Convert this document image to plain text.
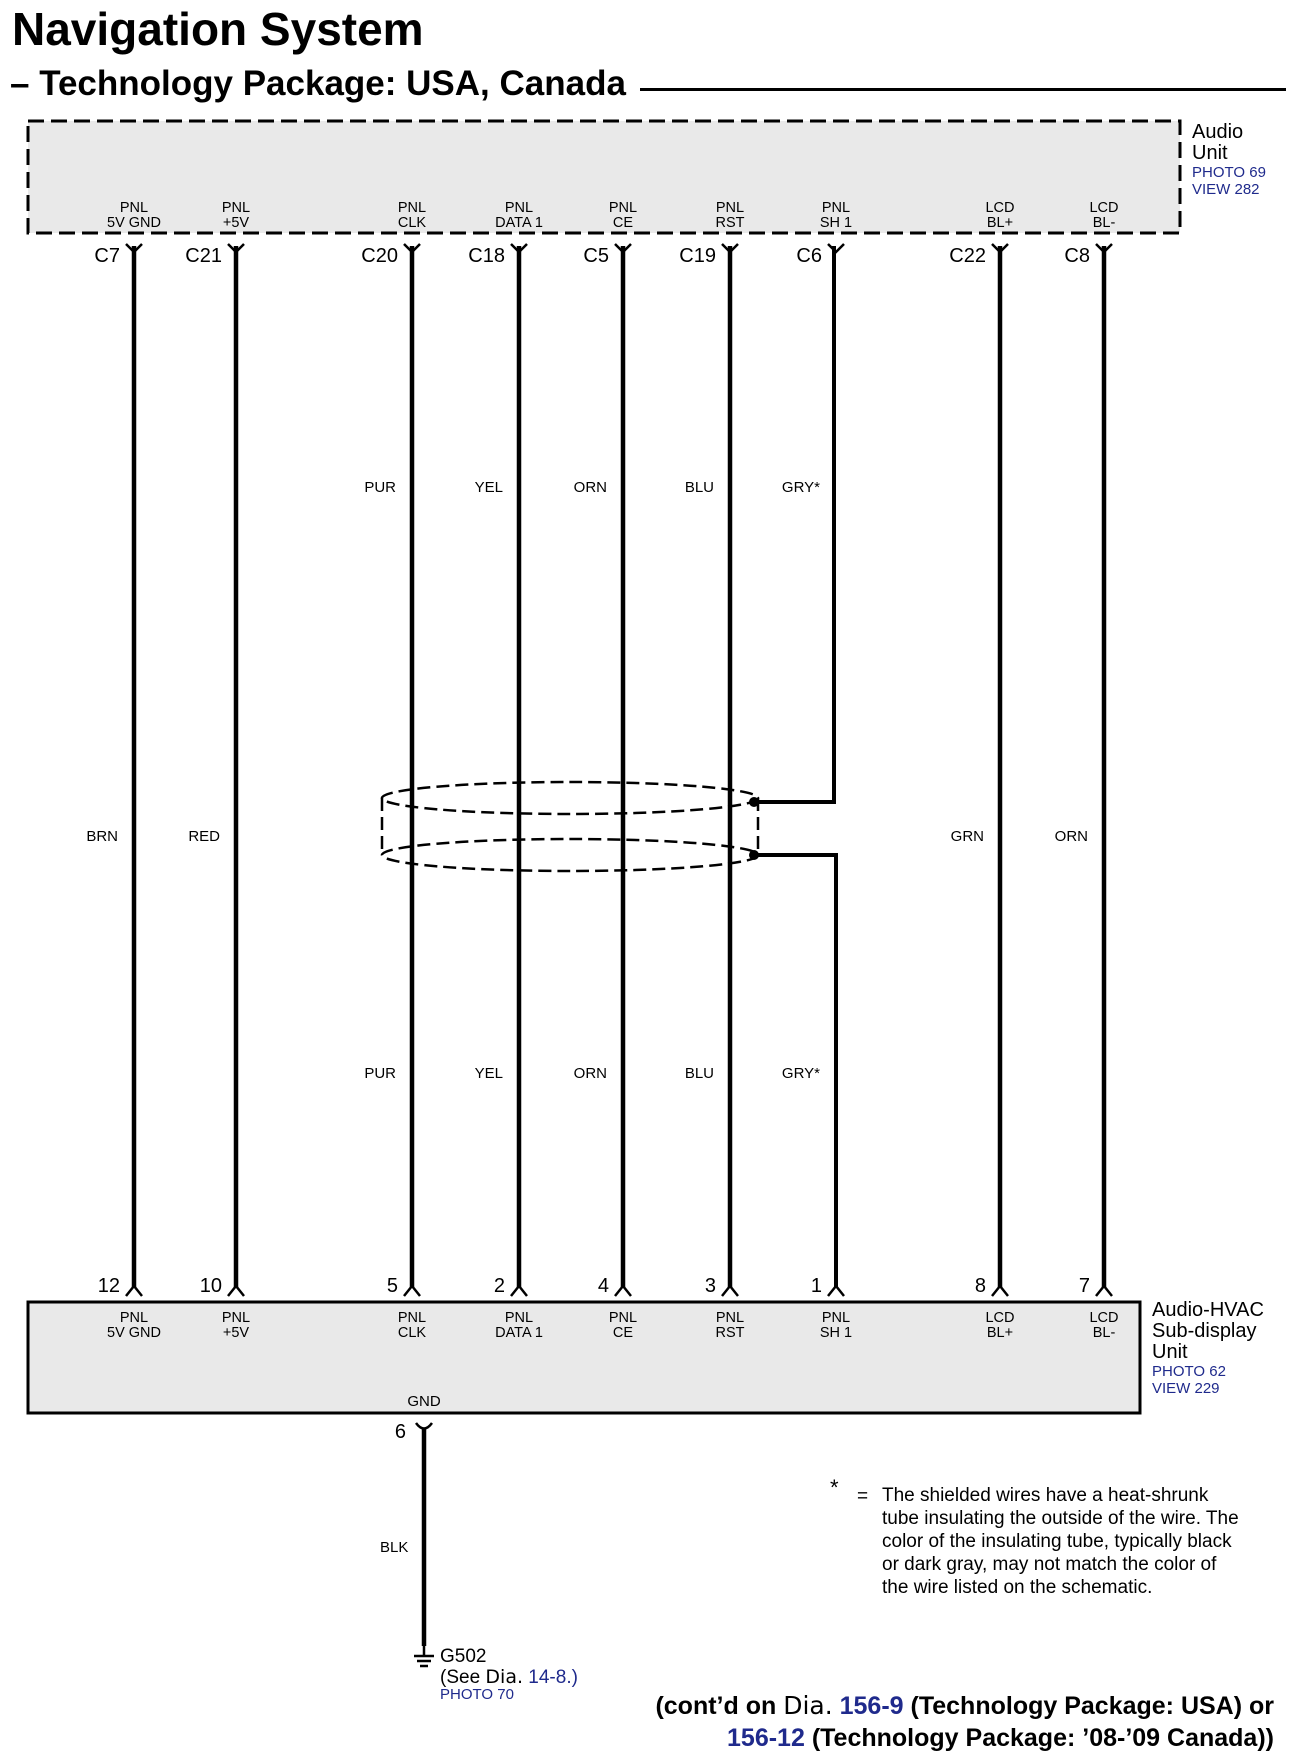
Navigation System
– Technology Package: USA, Canada
Audio
Unit
PHOTO 69
VIEW 282
Audio-HVAC
Sub-display
Unit
PHOTO 62
VIEW 229
GND
PNL
5V GND
PNL
5V GND
C7
12
BRN
PNL
+5V
PNL
+5V
C21
10
RED
PNL
CLK
PNL
CLK
C20
5
PUR
PUR
PNL
DATA 1
PNL
DATA 1
C18
2
YEL
YEL
PNL
CE
PNL
CE
C5
4
ORN
ORN
PNL
RST
PNL
RST
C19
3
BLU
BLU
PNL
SH 1
PNL
SH 1
C6
1
GRY*
GRY*
LCD
BL+
LCD
BL+
C22
8
GRN
LCD
BL-
LCD
BL-
C8
7
ORN
6
BLK
G502
(See Dia. 14-8.)
PHOTO 70
* = The shielded wires have a heat-shrunk tube insulating the outside of the wire. The color of the insulating tube, typically black or dark gray, may not match the color of the wire listed on the schematic.
(cont’d on Dia. 156-9 (Technology Package: USA) or
156-12 (Technology Package: ’08-’09 Canada))
